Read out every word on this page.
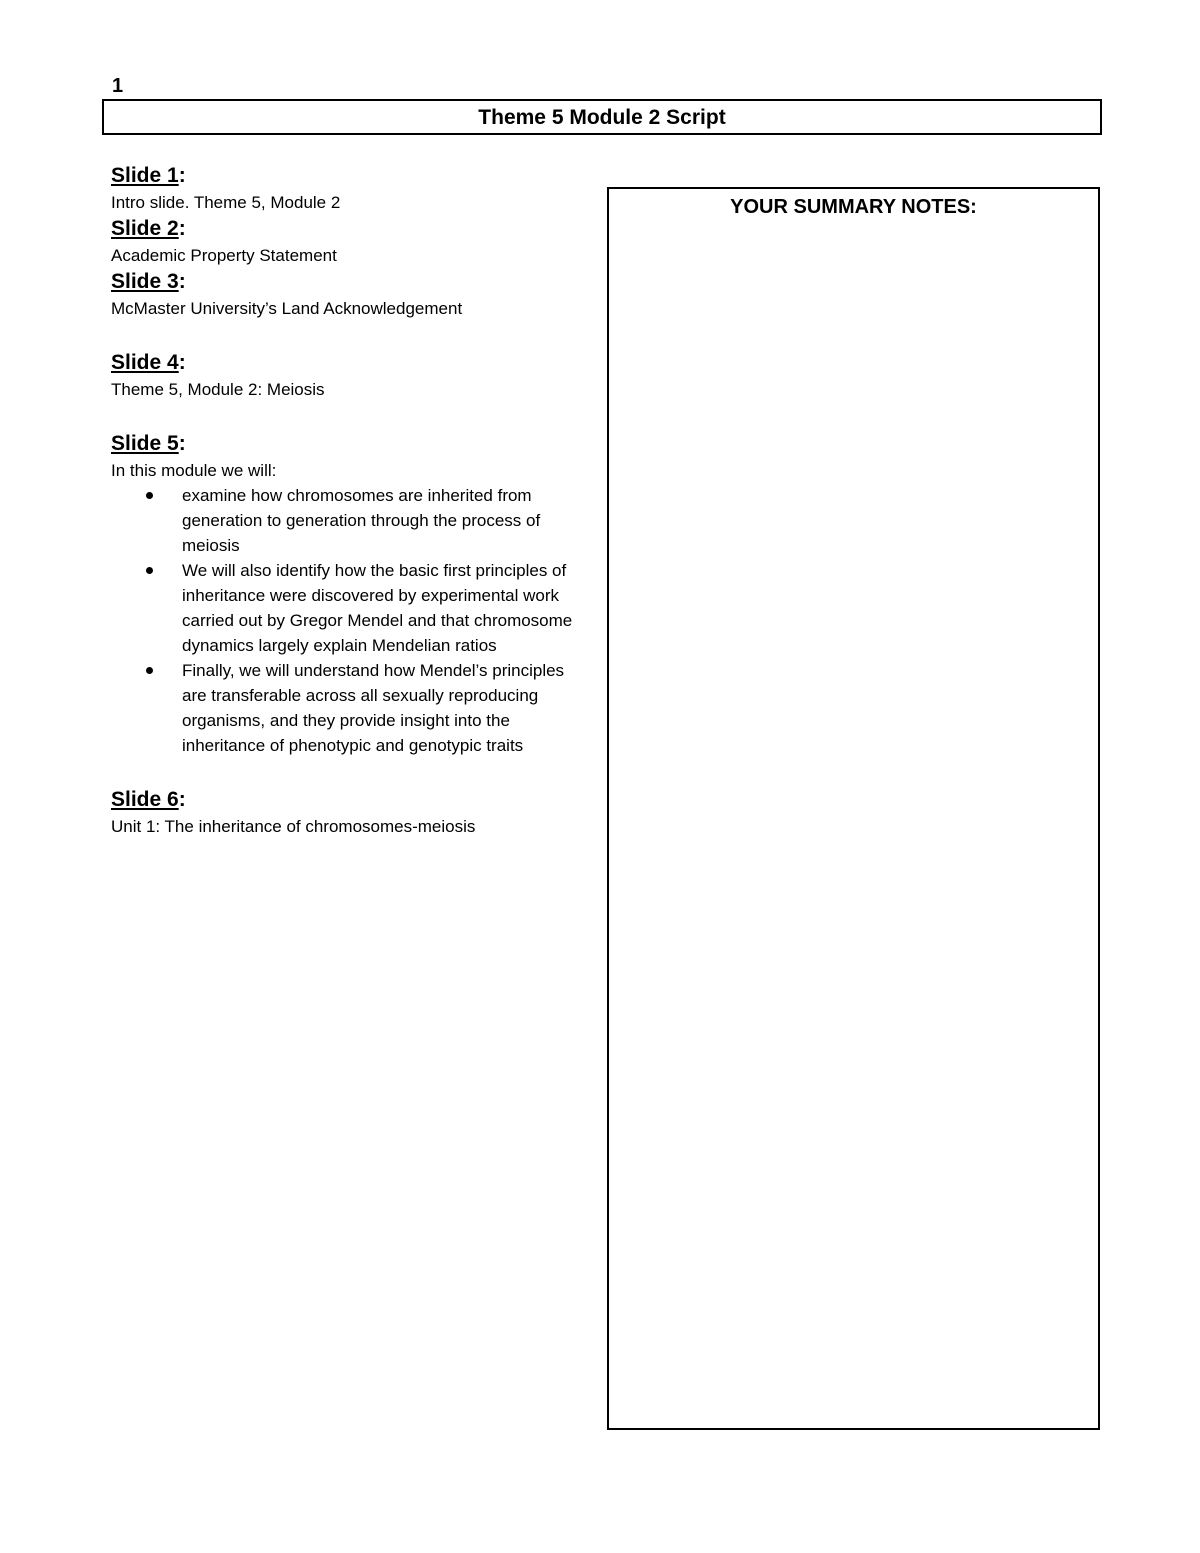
1
Theme 5 Module 2 Script

Slide 1:

Intro slide. Theme 5, Module 2

Slide 2:

Academic Property Statement

Slide 3:

McMaster University’s Land Acknowledgement

Slide 4:

Theme 5, Module 2: Meiosis

Slide 5:

In this module we will:

examine how chromosomes are inherited from generation to generation through the process of meiosis
We will also identify how the basic first principles of inheritance were discovered by experimental work carried out by Gregor Mendel and that chromosome dynamics largely explain Mendelian ratios
Finally, we will understand how Mendel’s principles are transferable across all sexually reproducing organisms, and they provide insight into the inheritance of phenotypic and genotypic traits

Slide 6:

Unit 1: The inheritance of chromosomes-meiosis

YOUR SUMMARY NOTES:
